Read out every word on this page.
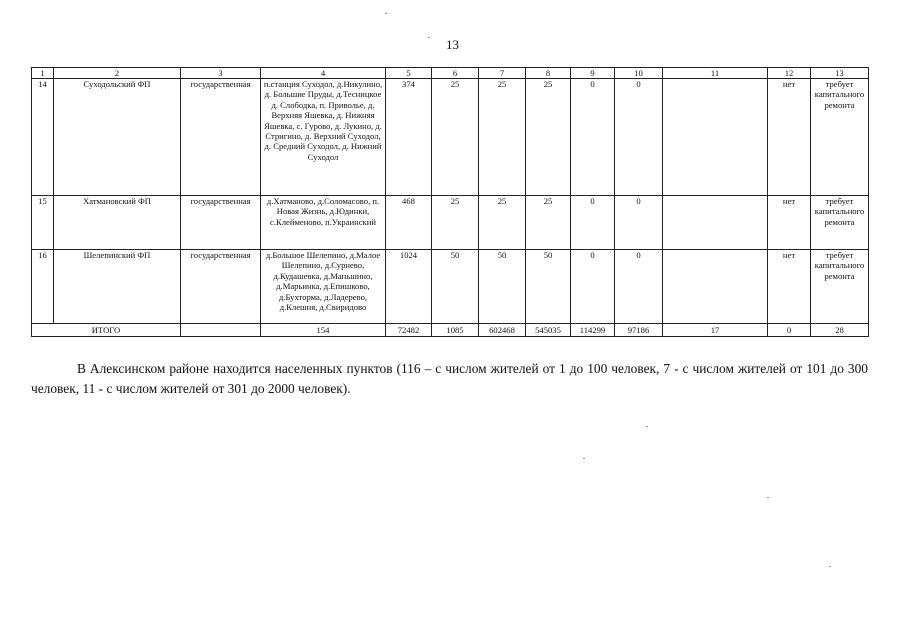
13
1	2	3	4	5	6	7	8	9	10	11	12	13
14	Суходольский ФП	государственная	п.станция Суходол, д.Никулино, д. Большие Пруды, д.Тесницкое д. Слободка, п. Приволье, д. Верхняя Яшевка, д. Нижняя Яшевка, с. Гурово, д. Лукино, д. Стригино, д. Верхний Суходол, д. Средний Суходол, д. Нижний Суходол	374	25	25	25	0	0		нет	требует капитального ремонта
15	Хатмановский ФП	государственная	д.Хатманово, д.Соломасово, п. Новая Жизнь, д.Юдинки, с.Клейменово, п.Украинский	468	25	25	25	0	0		нет	требует капитального ремонта
16	Шелепинский ФП	государственная	д.Большое Шелепино, д.Малое Шелепино, д.Сурнево, д.Кудашевка, д.Маньшино, д.Марьинка, д.Епишково, д.Бухторма, д.Ладерево, д.Клешня, д.Свиридово	1024	50	50	50	0	0		нет	требует капитального ремонта
ИТОГО			154	72482	1085	602468	545035	114299	97186	17	0	28
В Алексинском районе находится населенных пунктов (116 – с числом жителей от 1 до 100 человек, 7 - с числом жителей от 101 до 300 человек, 11 - с числом жителей от 301 до 2000 человек).
